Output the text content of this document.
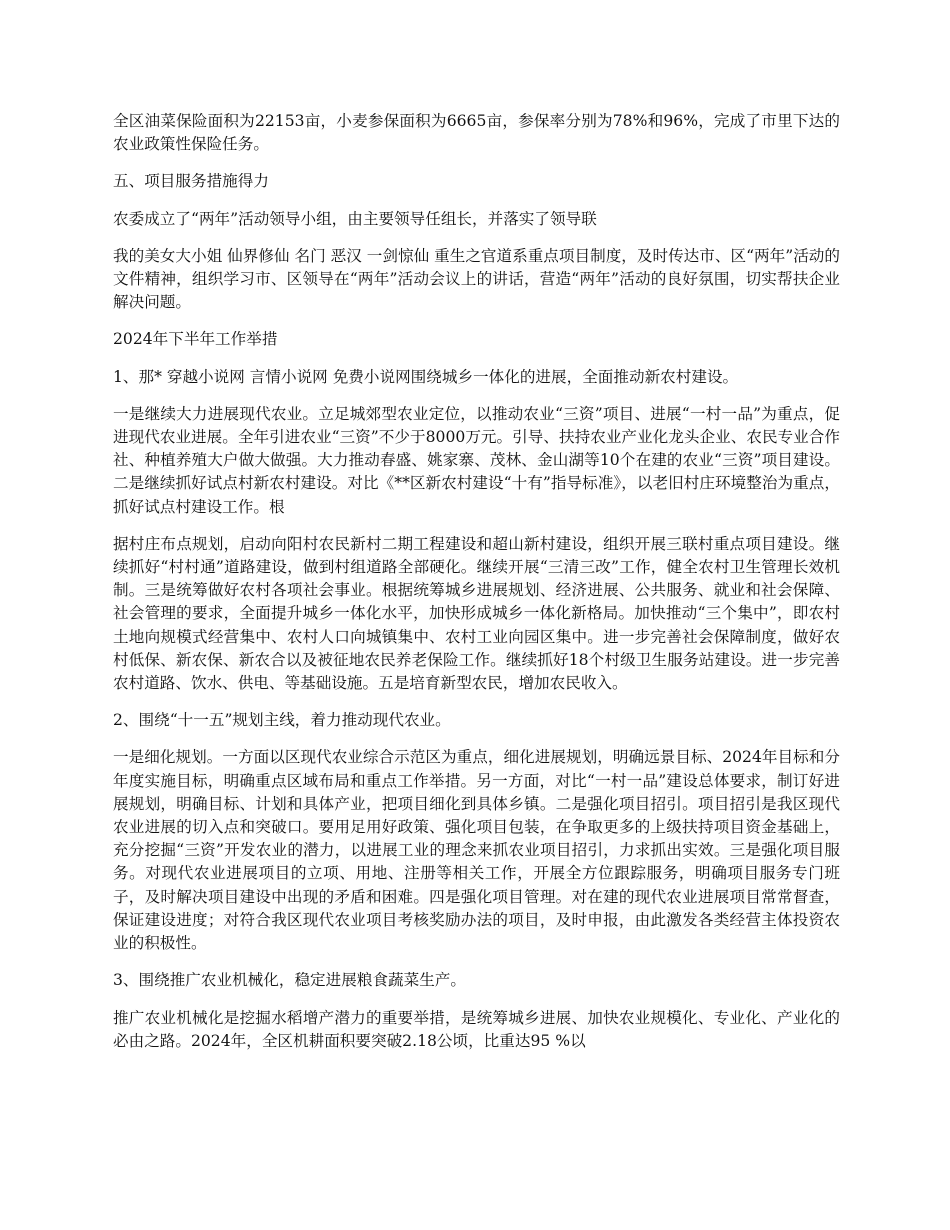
全区油菜保险面积为22153亩，小麦参保面积为6665亩，参保率分别为78%和96%，完成了市里下达的农业政策性保险任务。

五、项目服务措施得力

农委成立了“两年”活动领导小组，由主要领导任组长，并落实了领导联

我的美女大小姐 仙界修仙 名门 恶汉 一剑惊仙 重生之官道系重点项目制度，及时传达市、区“两年”活动的文件精神，组织学习市、区领导在“两年”活动会议上的讲话，营造“两年”活动的良好氛围，切实帮扶企业解决问题。

2024年下半年工作举措

1、那* 穿越小说网 言情小说网 免费小说网围绕城乡一体化的进展，全面推动新农村建设。

一是继续大力进展现代农业。立足城郊型农业定位，以推动农业“三资”项目、进展“一村一品”为重点，促进现代农业进展。全年引进农业“三资”不少于8000万元。引导、扶持农业产业化龙头企业、农民专业合作社、种植养殖大户做大做强。大力推动春盛、姚家寨、茂林、金山湖等10个在建的农业“三资”项目建设。二是继续抓好试点村新农村建设。对比《**区新农村建设“十有”指导标准》，以老旧村庄环境整治为重点，抓好试点村建设工作。根

据村庄布点规划，启动向阳村农民新村二期工程建设和超山新村建设，组织开展三联村重点项目建设。继续抓好“村村通”道路建设，做到村组道路全部硬化。继续开展“三清三改”工作，健全农村卫生管理长效机制。三是统筹做好农村各项社会事业。根据统筹城乡进展规划、经济进展、公共服务、就业和社会保障、社会管理的要求，全面提升城乡一体化水平，加快形成城乡一体化新格局。加快推动“三个集中”，即农村土地向规模式经营集中、农村人口向城镇集中、农村工业向园区集中。进一步完善社会保障制度，做好农村低保、新农保、新农合以及被征地农民养老保险工作。继续抓好18个村级卫生服务站建设。进一步完善农村道路、饮水、供电、等基础设施。五是培育新型农民，增加农民收入。

2、围绕“十一五”规划主线，着力推动现代农业。

一是细化规划。一方面以区现代农业综合示范区为重点，细化进展规划，明确远景目标、2024年目标和分年度实施目标，明确重点区域布局和重点工作举措。另一方面，对比“一村一品”建设总体要求，制订好进展规划，明确目标、计划和具体产业，把项目细化到具体乡镇。二是强化项目招引。项目招引是我区现代农业进展的切入点和突破口。要用足用好政策、强化项目包装，在争取更多的上级扶持项目资金基础上，充分挖掘“三资”开发农业的潜力，以进展工业的理念来抓农业项目招引，力求抓出实效。三是强化项目服务。对现代农业进展项目的立项、用地、注册等相关工作，开展全方位跟踪服务，明确项目服务专门班子，及时解决项目建设中出现的矛盾和困难。四是强化项目管理。对在建的现代农业进展项目常常督查，保证建设进度；对符合我区现代农业项目考核奖励办法的项目，及时申报，由此激发各类经营主体投资农业的积极性。

3、围绕推广农业机械化，稳定进展粮食蔬菜生产。

推广农业机械化是挖掘水稻增产潜力的重要举措，是统筹城乡进展、加快农业规模化、专业化、产业化的必由之路。2024年，全区机耕面积要突破2.18公顷，比重达95 %以
